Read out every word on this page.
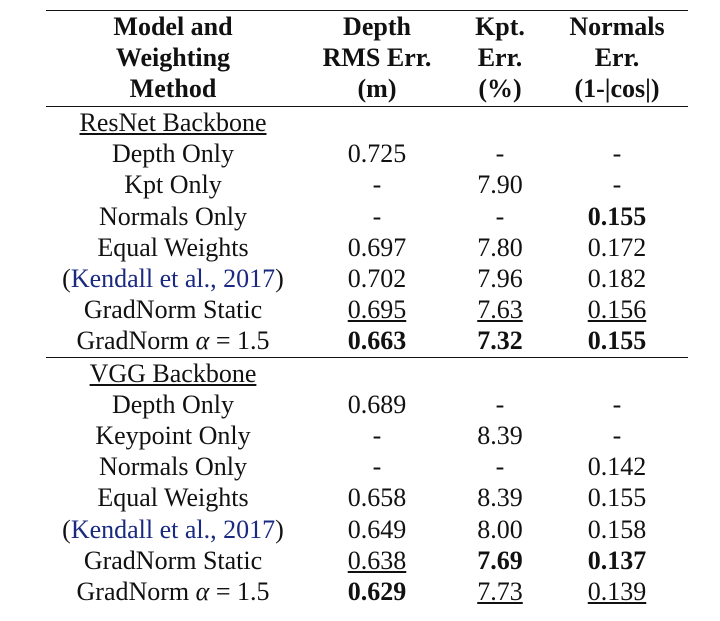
Model and	Depth	Kpt.	Normals
Weighting	RMS Err.	Err.	Err.
Method	(m)	(%)	(1-|cos|)
ResNet Backbone			
Depth Only	0.725	-	-
Kpt Only	-	7.90	-
Normals Only	-	-	0.155
Equal Weights	0.697	7.80	0.172
(Kendall et al., 2017)	0.702	7.96	0.182
GradNorm Static	0.695	7.63	0.156
GradNorm α = 1.5	0.663	7.32	0.155
VGG Backbone			
Depth Only	0.689	-	-
Keypoint Only	-	8.39	-
Normals Only	-	-	0.142
Equal Weights	0.658	8.39	0.155
(Kendall et al., 2017)	0.649	8.00	0.158
GradNorm Static	0.638	7.69	0.137
GradNorm α = 1.5	0.629	7.73	0.139
